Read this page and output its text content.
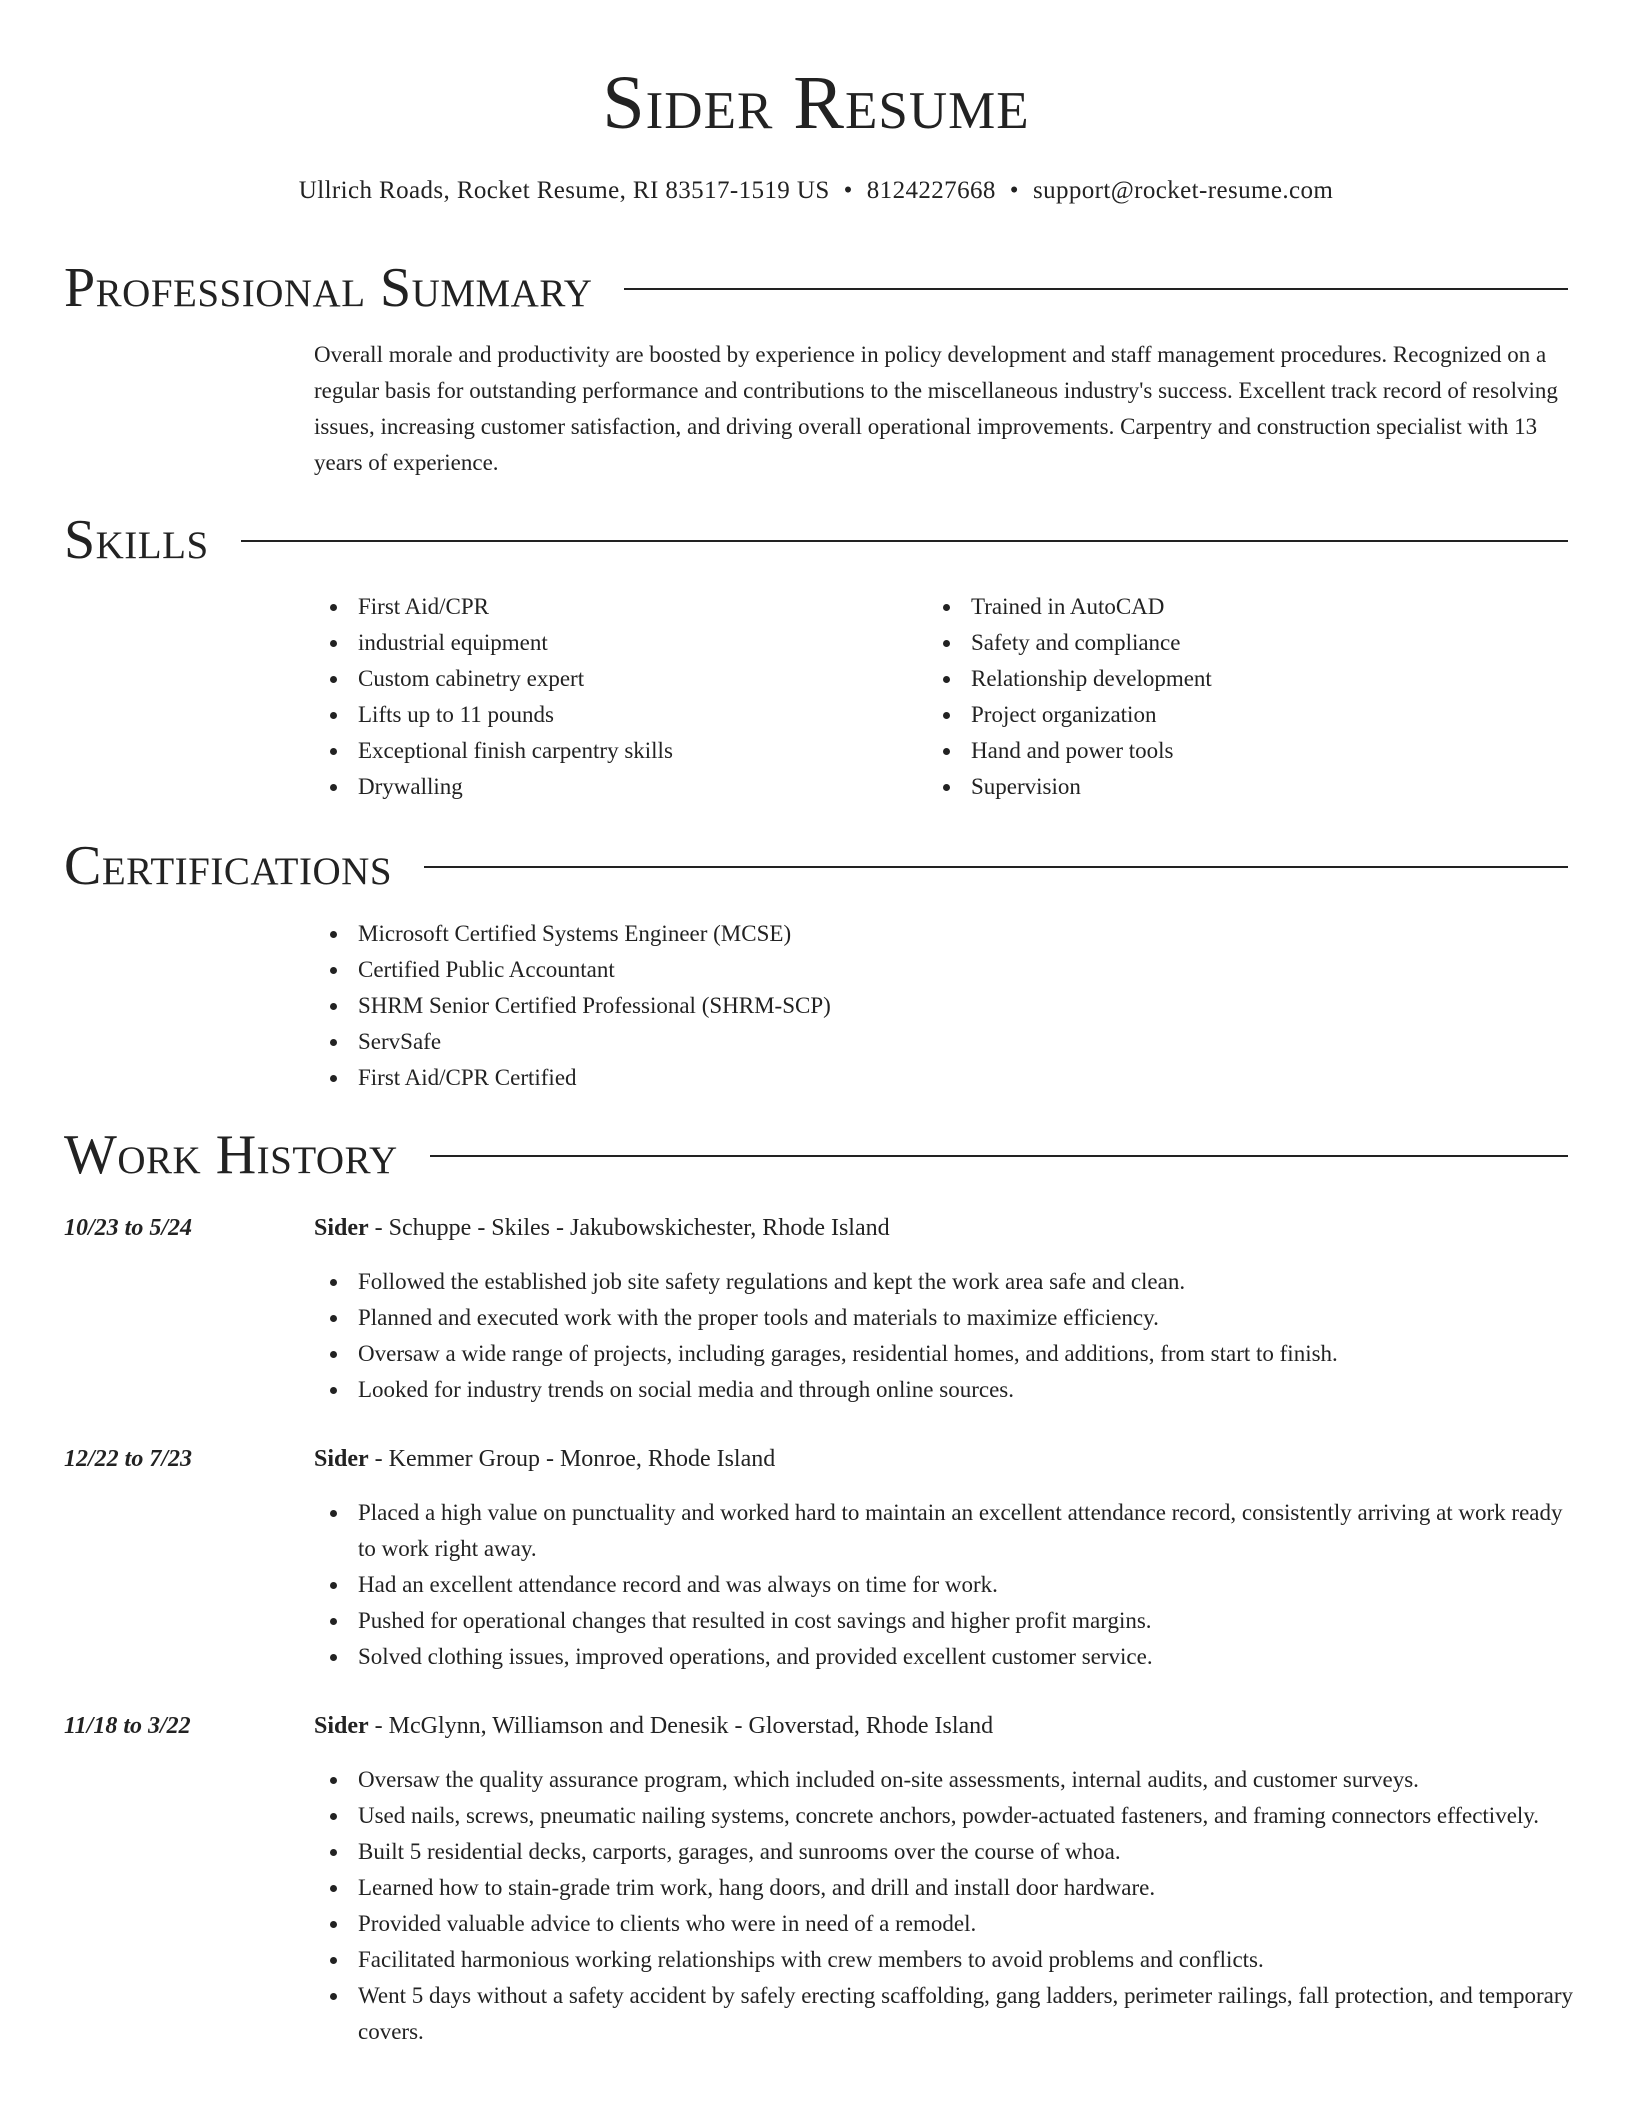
Sider Resume
Ullrich Roads, Rocket Resume, RI 83517-1519 US • 8124227668 • support@rocket-resume.com
Professional Summary

Overall morale and productivity are boosted by experience in policy development and staff management procedures. Recognized on a regular basis for outstanding performance and contributions to the miscellaneous industry's success. Excellent track record of resolving issues, increasing customer satisfaction, and driving overall operational improvements. Carpentry and construction specialist with 13 years of experience.

Skills
First Aid/CPR
industrial equipment
Custom cabinetry expert
Lifts up to 11 pounds
Exceptional finish carpentry skills
Drywalling
Trained in AutoCAD
Safety and compliance
Relationship development
Project organization
Hand and power tools
Supervision
Certifications
Microsoft Certified Systems Engineer (MCSE)
Certified Public Accountant
SHRM Senior Certified Professional (SHRM-SCP)
ServSafe
First Aid/CPR Certified
Work History
10/23 to 5/24	Sider - Schuppe - Skiles - Jakubowskichester, Rhode Island
Followed the established job site safety regulations and kept the work area safe and clean.
Planned and executed work with the proper tools and materials to maximize efficiency.
Oversaw a wide range of projects, including garages, residential homes, and additions, from start to finish.
Looked for industry trends on social media and through online sources.
12/22 to 7/23	Sider - Kemmer Group - Monroe, Rhode Island
Placed a high value on punctuality and worked hard to maintain an excellent attendance record, consistently arriving at work ready to work right away.
Had an excellent attendance record and was always on time for work.
Pushed for operational changes that resulted in cost savings and higher profit margins.
Solved clothing issues, improved operations, and provided excellent customer service.
11/18 to 3/22	Sider - McGlynn, Williamson and Denesik - Gloverstad, Rhode Island
Oversaw the quality assurance program, which included on-site assessments, internal audits, and customer surveys.
Used nails, screws, pneumatic nailing systems, concrete anchors, powder-actuated fasteners, and framing connectors effectively.
Built 5 residential decks, carports, garages, and sunrooms over the course of whoa.
Learned how to stain-grade trim work, hang doors, and drill and install door hardware.
Provided valuable advice to clients who were in need of a remodel.
Facilitated harmonious working relationships with crew members to avoid problems and conflicts.
Went 5 days without a safety accident by safely erecting scaffolding, gang ladders, perimeter railings, fall protection, and temporary covers.
